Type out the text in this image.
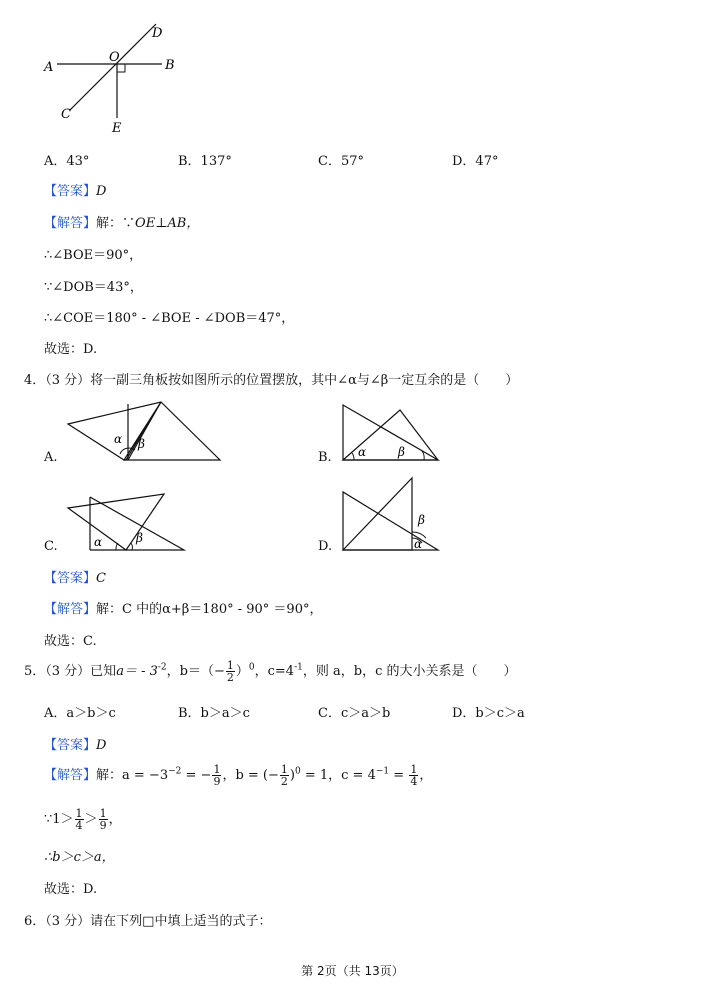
A	B
D
O
C
E
A．43°	B．137°	C．57°	D．47°
【答案】D
【解答】解：∵OE⊥AB，
∴∠BOE＝90°，
∵∠DOB＝43°，
∴∠COE＝180° - ∠BOE - ∠DOB＝47°，
故选：D.
4．（3 分）将一副三角板按如图所示的位置摆放，其中∠α与∠β一定互余的是（　　）
α β
A.	α	β
B.
α	β
C.	α
β
D.
【答案】C
【解答】解：C 中的α+β＝180° - 90° ＝90°，
故选：C.
5．（3 分）已知$a= - 3^{-2}$，$b=(- \frac{1}{2} )^0$，$c=4^{-1}$，则 a，b，c 的大小关系是（　　）
A．a＞b＞c	B．b＞a＞c	C．c＞a＞b	D．b＞c＞a
【答案】D
【解答】解：$a = -3^{-2}$ = − $\frac{1}{9}$ ，b = (− $\frac{1}{2} )^0 = 1$，$c = 4^{-1} = \frac{1}{4}$ ，
∵1＞ $\frac{1}{4} > \frac{1}{9}$ ，
∴b＞c＞a，
故选：D.
6．（3 分）请在下列□中填上适当的式子：
第 2页（共 13页）
